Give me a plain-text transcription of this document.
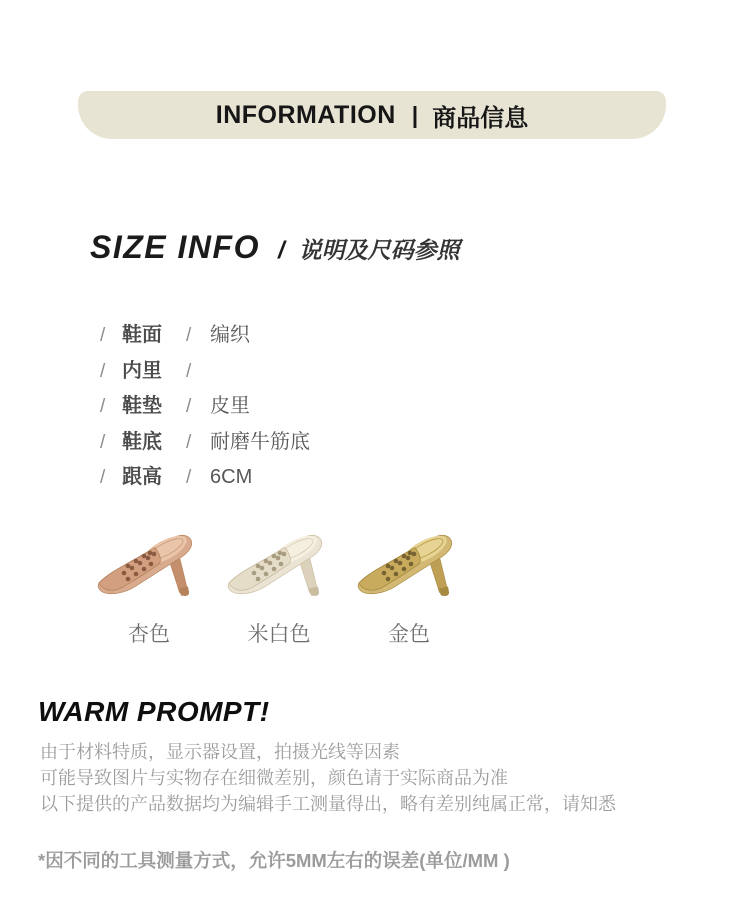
INFORMATION | 商品信息
SIZE INFO / 说明及尺码参照
/ 鞋面	/ 编织
/ 内里	/
/ 鞋垫	/ 皮里
/ 鞋底	/ 耐磨牛筋底
/ 跟高	/ 6CM
杏色	米白色	金色
WARM PROMPT!

由于材料特质，显示器设置，拍摄光线等因素

可能导致图片与实物存在细微差别，颜色请于实际商品为准

以下提供的产品数据均为编辑手工测量得出，略有差别纯属正常，请知悉

*因不同的工具测量方式，允许5MM左右的误差(单位/MM )
